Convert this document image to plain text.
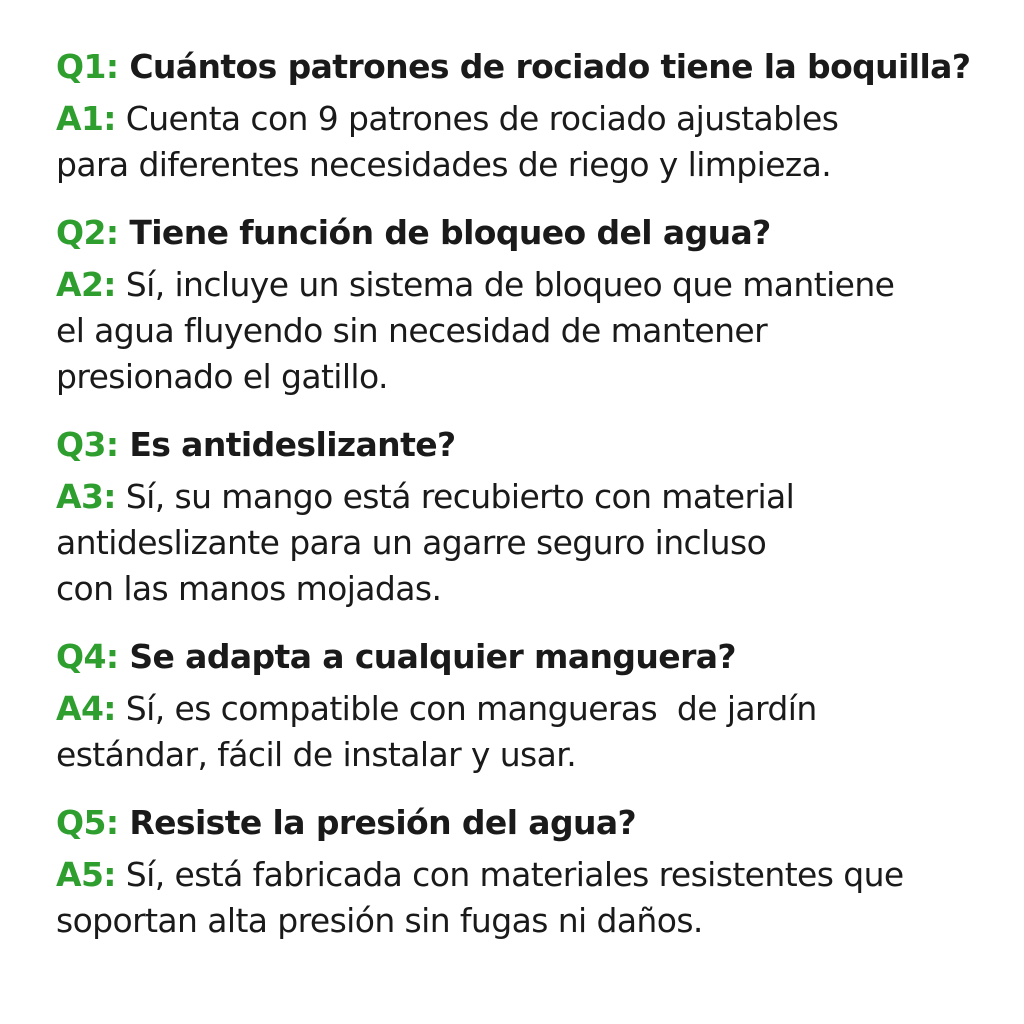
Q1: Cuántos patrones de rociado tiene la boquilla?
A1: Cuenta con 9 patrones de rociado ajustables
para diferentes necesidades de riego y limpieza.
Q2: Tiene función de bloqueo del agua?
A2: Sí, incluye un sistema de bloqueo que mantiene
el agua fluyendo sin necesidad de mantener
presionado el gatillo.
Q3: Es antideslizante?
A3: Sí, su mango está recubierto con material
antideslizante para un agarre seguro incluso
con las manos mojadas.
Q4: Se adapta a cualquier manguera?
A4: Sí, es compatible con mangueras  de jardín
estándar, fácil de instalar y usar.
Q5: Resiste la presión del agua?
A5: Sí, está fabricada con materiales resistentes que
soportan alta presión sin fugas ni daños.
